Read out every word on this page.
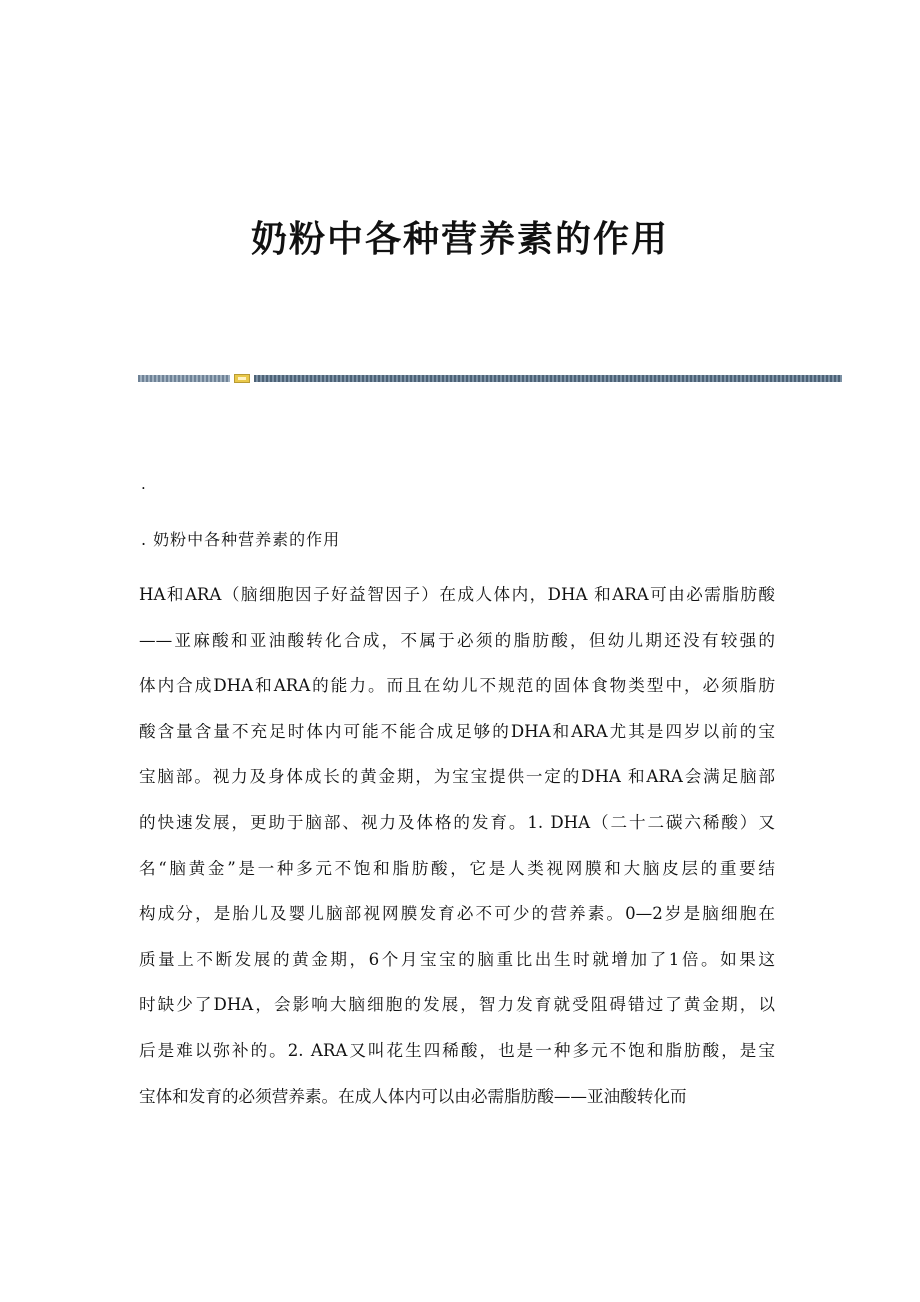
奶粉中各种营养素的作用
.
. 奶粉中各种营养素的作用
HA和ARA（脑细胞因子好益智因子）在成人体内，DHA 和ARA可由必需脂肪酸
——亚麻酸和亚油酸转化合成，不属于必须的脂肪酸，但幼儿期还没有较强的
体内合成DHA和ARA的能力。而且在幼儿不规范的固体食物类型中，必须脂肪
酸含量含量不充足时体内可能不能合成足够的DHA和ARA尤其是四岁以前的宝
宝脑部。视力及身体成长的黄金期，为宝宝提供一定的DHA 和ARA会满足脑部
的快速发展，更助于脑部、视力及体格的发育。1. DHA（二十二碳六稀酸）又
名“脑黄金”是一种多元不饱和脂肪酸，它是人类视网膜和大脑皮层的重要结
构成分，是胎儿及婴儿脑部视网膜发育必不可少的营养素。0—2岁是脑细胞在
质量上不断发展的黄金期，6个月宝宝的脑重比出生时就增加了1倍。如果这
时缺少了DHA，会影响大脑细胞的发展，智力发育就受阻碍错过了黄金期，以
后是难以弥补的。2. ARA又叫花生四稀酸，也是一种多元不饱和脂肪酸，是宝
宝体和发育的必须营养素。在成人体内可以由必需脂肪酸——亚油酸转化而
